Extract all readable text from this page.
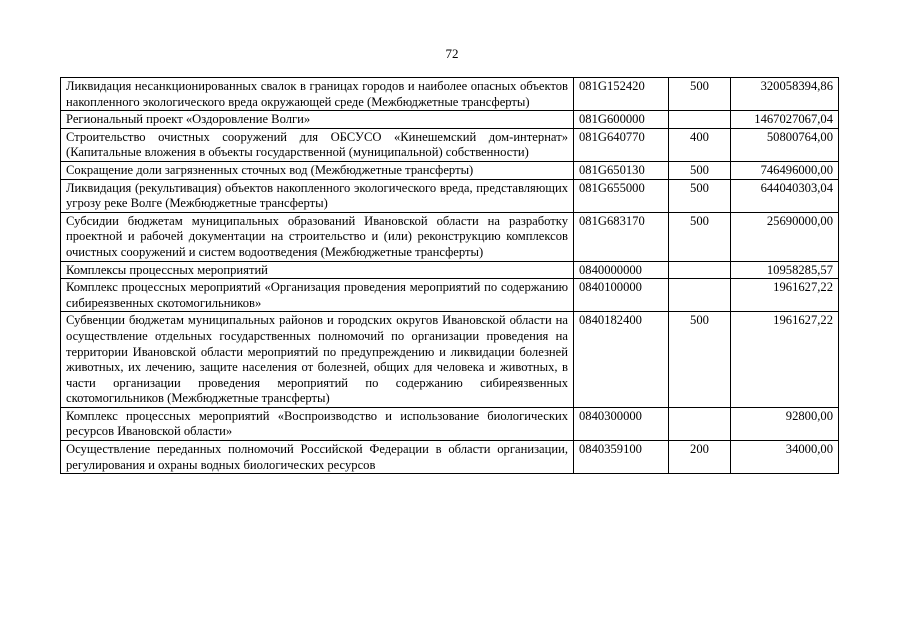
72
Ликвидация несанкционированных свалок в границах городов и наиболее опасных объектов накопленного экологического вреда окружающей среде (Межбюджетные трансферты)	081G152420	500	320058394,86
Региональный проект «Оздоровление Волги»	081G600000		1467027067,04
Строительство очистных сооружений для ОБСУСО «Кинешемский дом-интернат» (Капитальные вложения в объекты государственной (муниципальной) собственности)	081G640770	400	50800764,00
Сокращение доли загрязненных сточных вод (Межбюджетные трансферты)	081G650130	500	746496000,00
Ликвидация (рекультивация) объектов накопленного экологического вреда, представляющих угрозу реке Волге (Межбюджетные трансферты)	081G655000	500	644040303,04
Субсидии бюджетам муниципальных образований Ивановской области на разработку проектной и рабочей документации на строительство и (или) реконструкцию комплексов очистных сооружений и систем водоотведения (Межбюджетные трансферты)	081G683170	500	25690000,00
Комплексы процессных мероприятий	0840000000		10958285,57
Комплекс процессных мероприятий «Организация проведения мероприятий по содержанию сибиреязвенных скотомогильников»	0840100000		1961627,22
Субвенции бюджетам муниципальных районов и городских округов Ивановской области на осуществление отдельных государственных полномочий по организации проведения на территории Ивановской области мероприятий по предупреждению и ликвидации болезней животных, их лечению, защите населения от болезней, общих для человека и животных, в части организации проведения мероприятий по содержанию сибиреязвенных скотомогильников (Межбюджетные трансферты)	0840182400	500	1961627,22
Комплекс процессных мероприятий «Воспроизводство и использование биологических ресурсов Ивановской области»	0840300000		92800,00
Осуществление переданных полномочий Российской Федерации в области организации, регулирования и охраны водных биологических ресурсов	0840359100	200	34000,00
